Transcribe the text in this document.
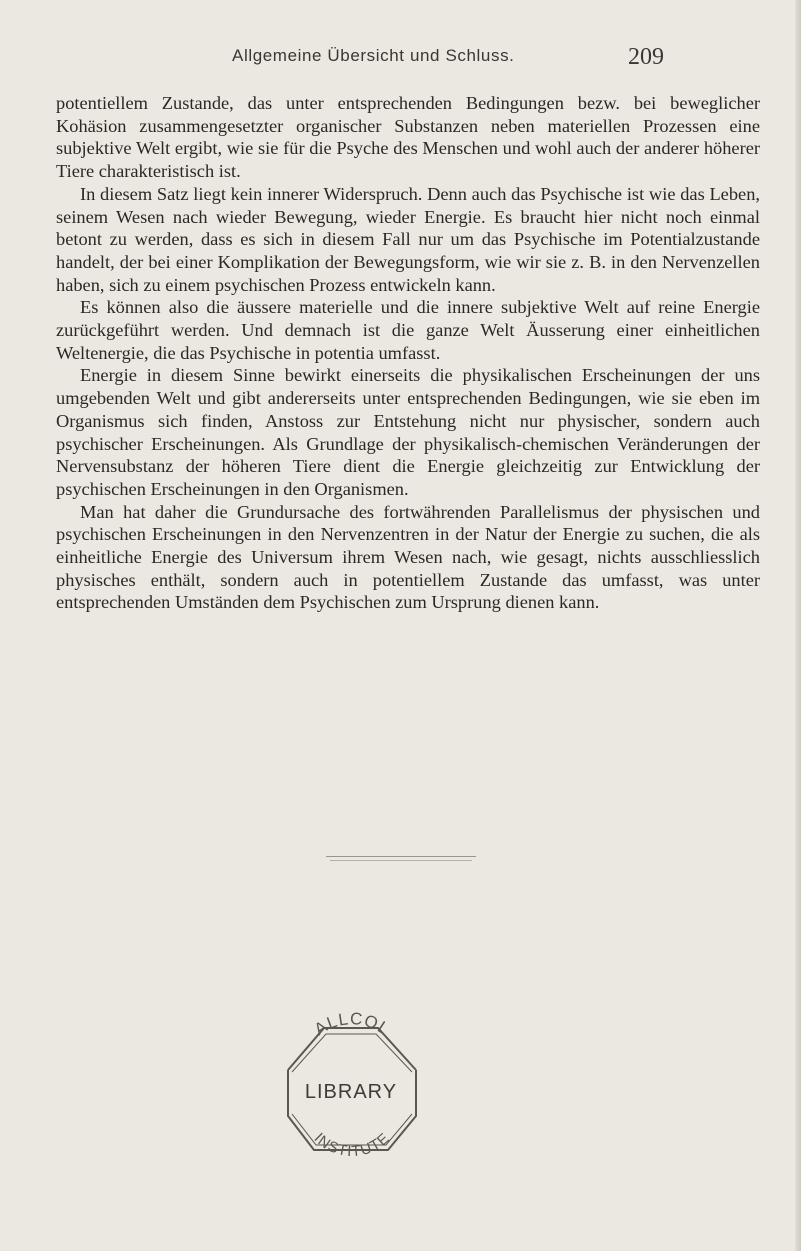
Allgemeine Übersicht und Schluss.	209

potentiellem Zustande, das unter entsprechenden Bedingungen bezw. bei beweglicher Kohäsion zusammengesetzter organischer Substanzen neben materiellen Prozessen eine subjektive Welt ergibt, wie sie für die Psyche des Menschen und wohl auch der anderer höherer Tiere charakteristisch ist.

In diesem Satz liegt kein innerer Widerspruch. Denn auch das Psychische ist wie das Leben, seinem Wesen nach wieder Bewegung, wieder Energie. Es braucht hier nicht noch einmal betont zu werden, dass es sich in diesem Fall nur um das Psychische im Potentialzustande handelt, der bei einer Komplikation der Bewegungsform, wie wir sie z. B. in den Nervenzellen haben, sich zu einem psychischen Prozess entwickeln kann.

Es können also die äussere materielle und die innere subjektive Welt auf reine Energie zurückgeführt werden. Und demnach ist die ganze Welt Äusserung einer einheitlichen Weltenergie, die das Psychische in potentia umfasst.

Energie in diesem Sinne bewirkt einerseits die physikalischen Erscheinungen der uns umgebenden Welt und gibt andererseits unter entsprechenden Bedingungen, wie sie eben im Organismus sich finden, Anstoss zur Entstehung nicht nur physischer, sondern auch psychischer Erscheinungen. Als Grundlage der physikalisch-chemischen Veränderungen der Nervensubstanz der höheren Tiere dient die Energie gleichzeitig zur Entwicklung der psychischen Erscheinungen in den Organismen.

Man hat daher die Grundursache des fortwährenden Parallelismus der physischen und psychischen Erscheinungen in den Nervenzentren in der Natur der Energie zu suchen, die als einheitliche Energie des Universum ihrem Wesen nach, wie gesagt, nichts ausschliesslich physisches enthält, sondern auch in potentiellem Zustande das umfasst, was unter entsprechenden Umständen dem Psychischen zum Ursprung dienen kann.

ALLCOL
LIBRARY
INSTITUTE
